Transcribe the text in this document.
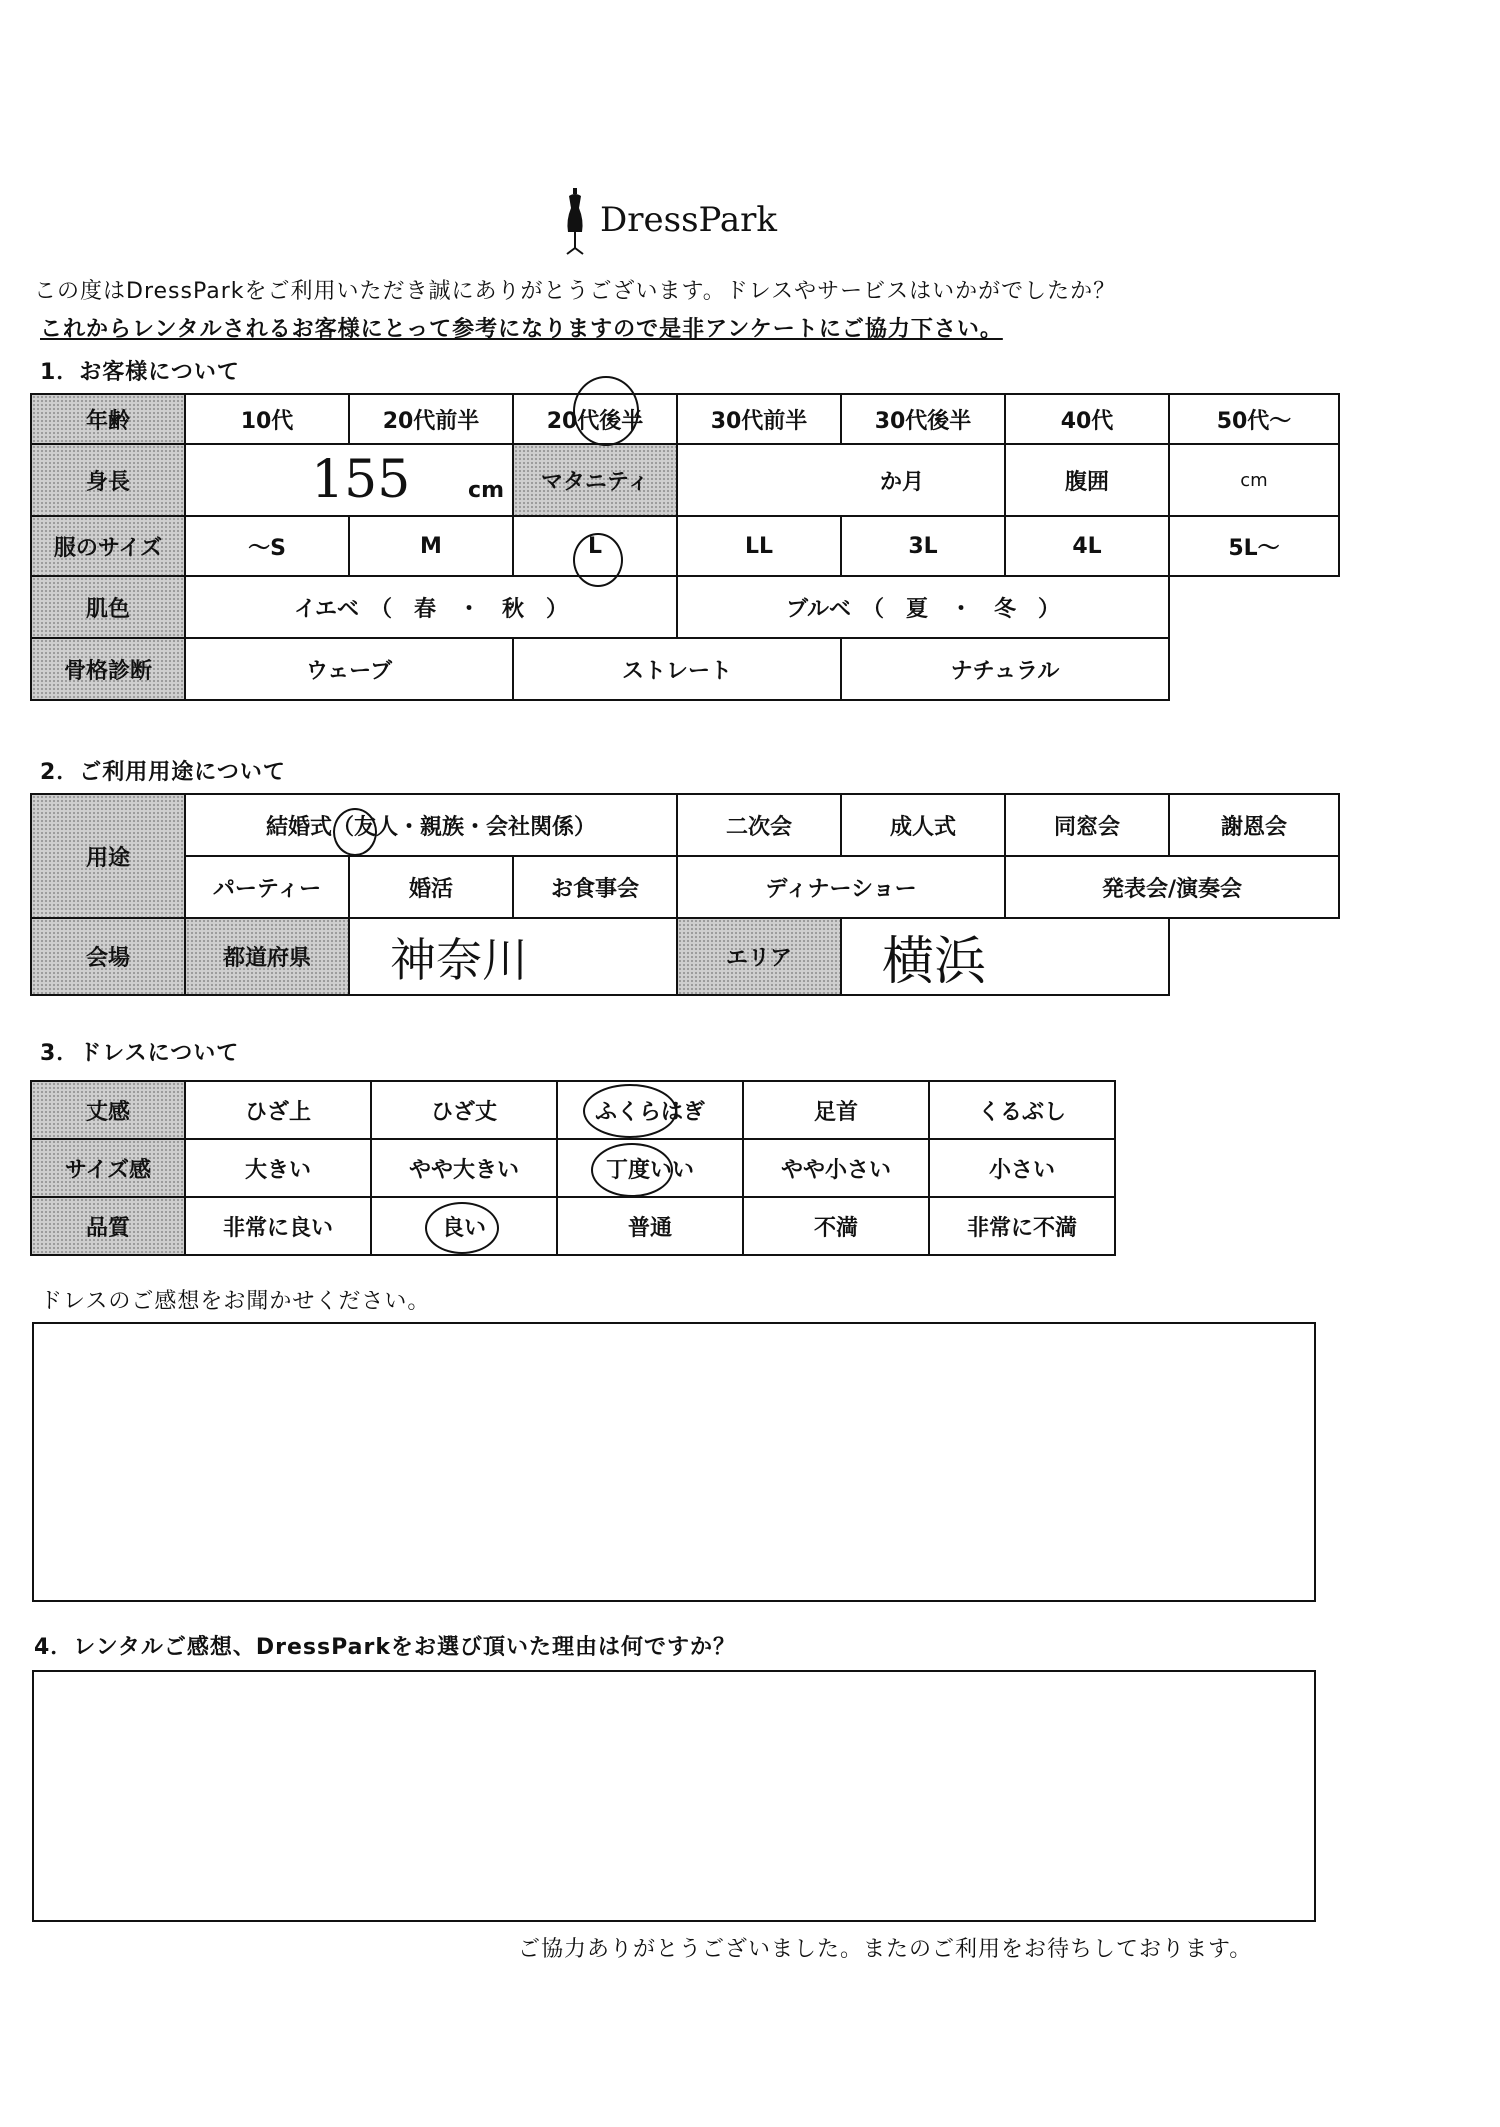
DressPark
この度はDressParkをご利用いただき誠にありがとうございます。ドレスやサービスはいかがでしたか？
これからレンタルされるお客様にとって参考になりますので是非アンケートにご協力下さい。
1．お客様について
年齢	10代	20代前半	20代後半	30代前半	30代後半	40代	50代〜
身長	155 cm		マタニティ	か月		腹囲	cm
服のサイズ	〜S	M	L	LL	3L	4L	5L〜
肌色	イエベ　（　春　・　秋　）			ブルベ　（　夏　・　冬　）			
骨格診断	ウェーブ		ストレート		ナチュラル		
2．ご利用用途について
用途	結婚式（友人・親族・会社関係）			二次会	成人式	同窓会	謝恩会
	パーティー	婚活	お食事会	ディナーショー		発表会/演奏会	
会場	都道府県	神奈川		エリア	横浜		
3．ドレスについて
丈感	ひざ上	ひざ丈	ふくらはぎ	足首	くるぶし
サイズ感	大きい	やや大きい	丁度いい	やや小さい	小さい
品質	非常に良い	良い	普通	不満	非常に不満
ドレスのご感想をお聞かせください。
4．レンタルご感想、DressParkをお選び頂いた理由は何ですか？
ご協力ありがとうございました。またのご利用をお待ちしております。
